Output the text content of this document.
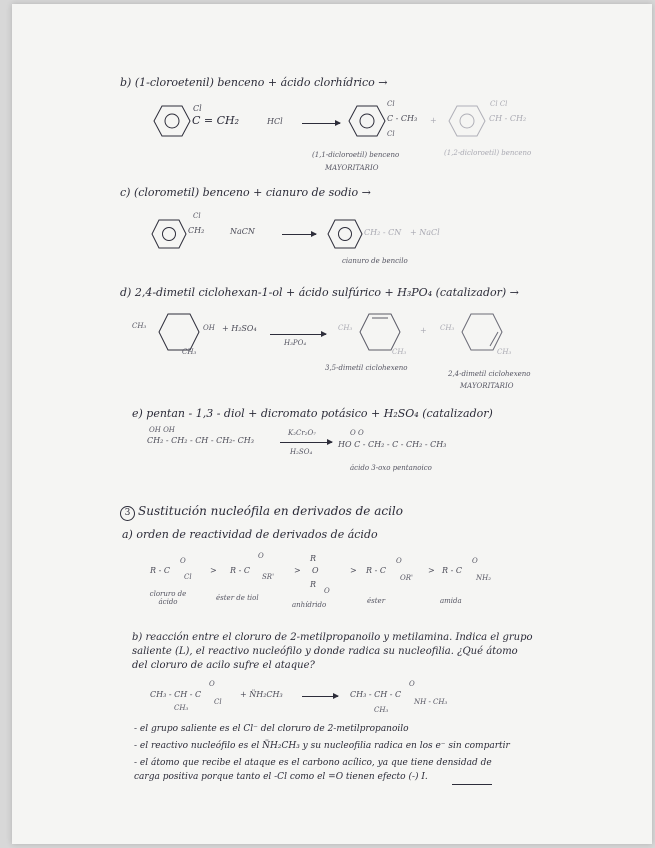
b) (1-cloroetenil) benceno + ácido clorhídrico →
Cl
C = CH₂	HCl →
Cl
C - CH₃
Cl
+
Cl Cl
CH - CH₂
(1,1-dicloroetil) benceno	(1,2-dicloroetil) benceno
MAYORITARIO
c) (clorometil) benceno + cianuro de sodio →
Cl
CH₂	NaCN	CH₂ - CN + NaCl
cianuro de bencilo
d) 2,4-dimetil ciclohexan-1-ol + ácido sulfúrico + H₃PO₄ (catalizador) →
CH₃	OH
CH₃
+ H₂SO₄
H₃PO₄
CH₃
CH₃
+ CH₃
CH₃
3,5-dimetil ciclohexeno
2,4-dimetil ciclohexeno
MAYORITARIO
e) pentan - 1,3 - diol + dicromato potásico + H₂SO₄ (catalizador)
OH OH
CH₂ - CH₂ - CH - CH₂- CH₃
K₂Cr₂O₇
H₂SO₄
O O
HO C - CH₂ - C - CH₂ - CH₃
ácido 3-oxo pentanoico
3 Sustitución nucleófila en derivados de acilo
a) orden de reactividad de derivados de ácido
R - C
O
Cl
> R - C
O
SR'
>
R
O
R
O
> R - C
O
OR'
> R - C
O
NH₂
cloruro de ácido	éster de tiol
anhídrido	éster	amida
b) reacción entre el cloruro de 2-metilpropanoilo y metilamina. Indica el grupo
saliente (L), el reactivo nucleófilo y donde radica su nucleofilia. ¿Qué átomo
del cloruro de acilo sufre el ataque?
O
CH₃ - CH - C
Cl
CH₃
+ N̈H₂CH₃ →
O
CH₃ - CH - C
NH - CH₃
CH₃
- el grupo saliente es el Cl⁻ del cloruro de 2-metilpropanoilo
- el reactivo nucleófilo es el N̈H₂CH₃ y su nucleofilia radica en los e⁻ sin compartir
- el átomo que recibe el ataque es el carbono acílico, ya que tiene densidad de
carga positiva porque tanto el -Cl como el =O tienen efecto (-) I.
